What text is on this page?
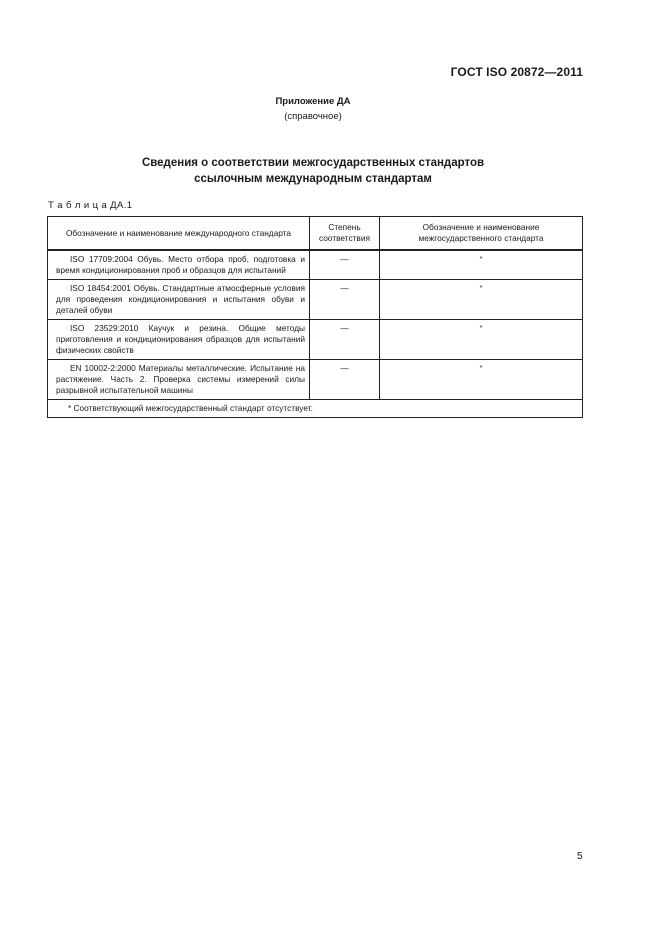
ГОСТ ISO 20872—2011
Приложение ДА
(справочное)
Сведения о соответствии межгосударственных стандартов
ссылочным международным стандартам
Т а б л и ц а ДА.1
Обозначение и наименование международного стандарта	Степень соответствия	Обозначение и наименование межгосударственного стандарта
ISO 17709:2004 Обувь. Место отбора проб, подготовка и время кондиционирования проб и образцов для испытаний	—	*
ISO 18454:2001 Обувь. Стандартные атмосферные условия для проведения кондиционирования и испытания обуви и деталей обуви	—	*
ISO 23529:2010 Каучук и резина. Общие методы приготовления и кондиционирования образцов для испытаний физических свойств	—	*
EN 10002-2:2000 Материалы металлические. Испытание на растяжение. Часть 2. Проверка системы измерений силы разрывной испытательной машины	—	*
* Соответствующий межгосударственный стандарт отсутствует.		
5
